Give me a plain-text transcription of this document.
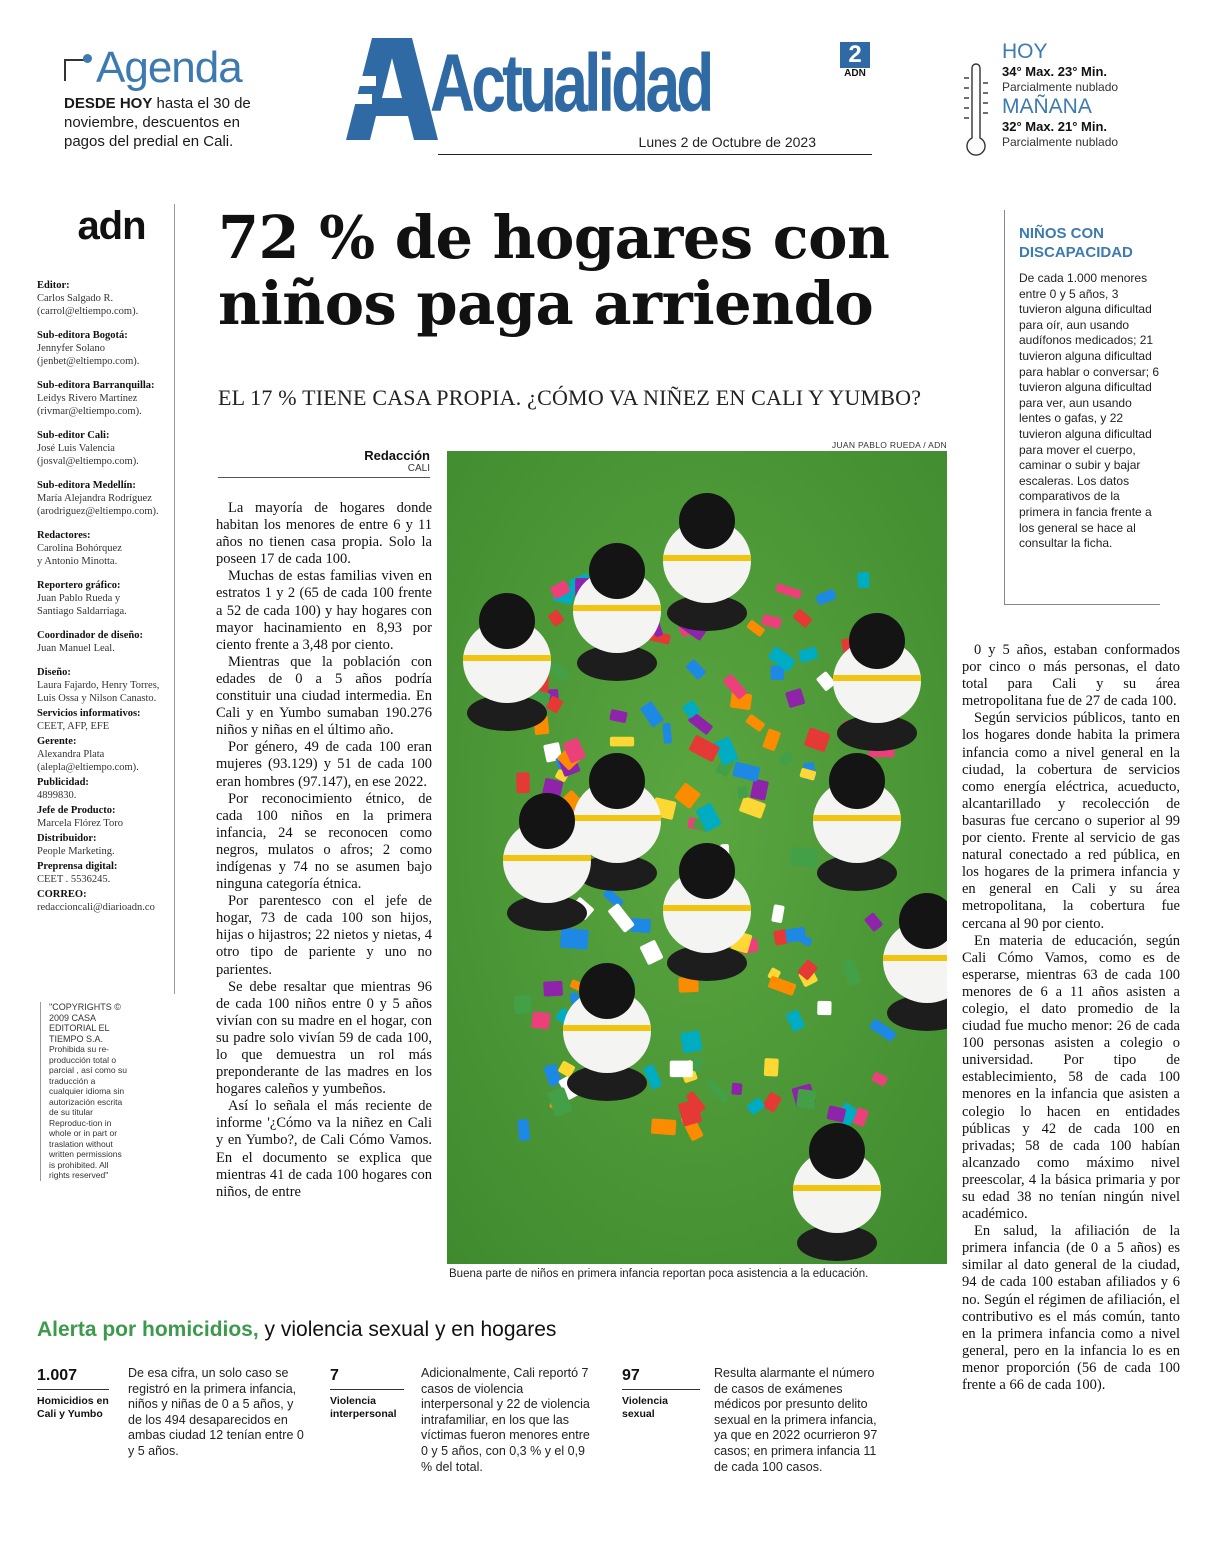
Agenda
DESDE HOY hasta el 30 de noviembre, descuentos en pagos del predial en Cali.
Actualidad	2
ADN
Lunes 2 de Octubre de 2023
HOY
34° Max. 23° Min.
Parcialmente nublado
MAÑANA
32° Max. 21° Min.
Parcialmente nublado
adn
Editor:
Carlos Salgado R.
(carrol@eltiempo.com).
Sub-editora Bogotá:
Jennyfer Solano
(jenbet@eltiempo.com).
Sub-editora Barranquilla:
Leidys Rivero Martínez
(rivmar@eltiempo.com).
Sub-editor Cali:
José Luis Valencia
(josval@eltiempo.com).
Sub-editora Medellín:
María Alejandra Rodríguez
(arodriguez@eltiempo.com).
Redactores:
Carolina Bohórquez
y Antonio Minotta.
Reportero gráfico:
Juan Pablo Rueda y
Santiago Saldarriaga.
Coordinador de diseño:
Juan Manuel Leal.
Diseño:
Laura Fajardo, Henry Torres,
Luis Ossa y Nilson Canasto.
Servicios informativos:
CEET, AFP, EFE
Gerente:
Alexandra Plata
(alepla@eltiempo.com).
Publicidad:
4899830.
Jefe de Producto:
Marcela Flórez Toro
Distribuidor:
People Marketing.
Preprensa digital:
CEET . 5536245.
CORREO:
redaccioncali@diarioadn.co
"COPYRIGHTS © 2009 CASA EDITORIAL EL TIEMPO S.A.
Prohibida su re-producción total o parcial , así como su traducción a cualquier idioma sin autorización escrita de su titular Reproduc-tion in whole or in part or traslation without written permissions is prohibited. All rights reserved"
72 % de hogares con niños paga arriendo
EL 17 % TIENE CASA PROPIA. ¿CÓMO VA NIÑEZ EN CALI Y YUMBO?
Redacción
CALI

La mayoría de hogares donde habitan los menores de entre 6 y 11 años no tienen casa propia. Solo la poseen 17 de cada 100.

Muchas de estas familias viven en estratos 1 y 2 (65 de cada 100 frente a 52 de cada 100) y hay hogares con mayor hacinamiento en 8,93 por ciento frente a 3,48 por ciento.

Mientras que la población con edades de 0 a 5 años podría constituir una ciudad intermedia. En Cali y en Yumbo sumaban 190.276 niños y niñas en el último año.

Por género, 49 de cada 100 eran mujeres (93.129) y 51 de cada 100 eran hombres (97.147), en ese 2022.

Por reconocimiento étnico, de cada 100 niños en la primera infancia, 24 se reconocen como negros, mulatos o afros; 2 como indígenas y 74 no se asumen bajo ninguna categoría étnica.

Por parentesco con el jefe de hogar, 73 de cada 100 son hijos, hijas o hijastros; 22 nietos y nietas, 4 otro tipo de pariente y uno no parientes.

Se debe resaltar que mientras 96 de cada 100 niños entre 0 y 5 años vivían con su madre en el hogar, con su padre solo vivían 59 de cada 100, lo que demuestra un rol más preponderante de las madres en los hogares caleños y yumbeños.

Así lo señala el más reciente de informe '¿Cómo va la niñez en Cali y en Yumbo?, de Cali Cómo Vamos. En el documento se explica que mientras 41 de cada 100 hogares con niños, de entre

JUAN PABLO RUEDA / ADN
Buena parte de niños en primera infancia reportan poca asistencia a la educación.
NIÑOS CON DISCAPACIDAD
De cada 1.000 menores entre 0 y 5 años, 3 tuvieron alguna dificultad para oír, aun usando audífonos medicados; 21 tuvieron alguna dificultad para hablar o conversar; 6 tuvieron alguna dificultad para ver, aun usando lentes o gafas, y 22 tuvieron alguna dificultad para mover el cuerpo, caminar o subir y bajar escaleras. Los datos comparativos de la primera in fancia frente a los general se hace al consultar la ficha.

0 y 5 años, estaban conformados por cinco o más personas, el dato total para Cali y su área metropolitana fue de 27 de cada 100.

Según servicios públicos, tanto en los hogares donde habita la primera infancia como a nivel general en la ciudad, la cobertura de servicios como energía eléctrica, acueducto, alcantarillado y recolección de basuras fue cercano o superior al 99 por ciento. Frente al servicio de gas natural conectado a red pública, en los hogares de la primera infancia y en general en Cali y su área metropolitana, la cobertura fue cercana al 90 por ciento.

En materia de educación, según Cali Cómo Vamos, como es de esperarse, mientras 63 de cada 100 menores de 6 a 11 años asisten a colegio, el dato promedio de la ciudad fue mucho menor: 26 de cada 100 personas asisten a colegio o universidad. Por tipo de establecimiento, 58 de cada 100 menores en la infancia que asisten a colegio lo hacen en entidades públicas y 42 de cada 100 en privadas; 58 de cada 100 habían alcanzado como máximo nivel preescolar, 4 la básica primaria y por su edad 38 no tenían ningún nivel académico.

En salud, la afiliación de la primera infancia (de 0 a 5 años) es similar al dato general de la ciudad, 94 de cada 100 estaban afiliados y 6 no. Según el régimen de afiliación, el contributivo es el más común, tanto en la primera infancia como a nivel general, pero en la infancia lo es en menor proporción (56 de cada 100 frente a 66 de cada 100).

Alerta por homicidios, y violencia sexual y en hogares
1.007
Homicidios en Cali y Yumbo
De esa cifra, un solo caso se registró en la primera infancia, niños y niñas de 0 a 5 años, y de los 494 desaparecidos en ambas ciudad 12 tenían entre 0 y 5 años.
7
Violencia interpersonal
Adicionalmente, Cali reportó 7 casos de violencia interpersonal y 22 de violencia intrafamiliar, en los que las víctimas fueron menores entre 0 y 5 años, con 0,3 % y el 0,9 % del total.
97
Violencia sexual
Resulta alarmante el número de casos de exámenes médicos por presunto delito sexual en la primera infancia, ya que en 2022 ocurrieron 97 casos; en primera infancia 11 de cada 100 casos.
